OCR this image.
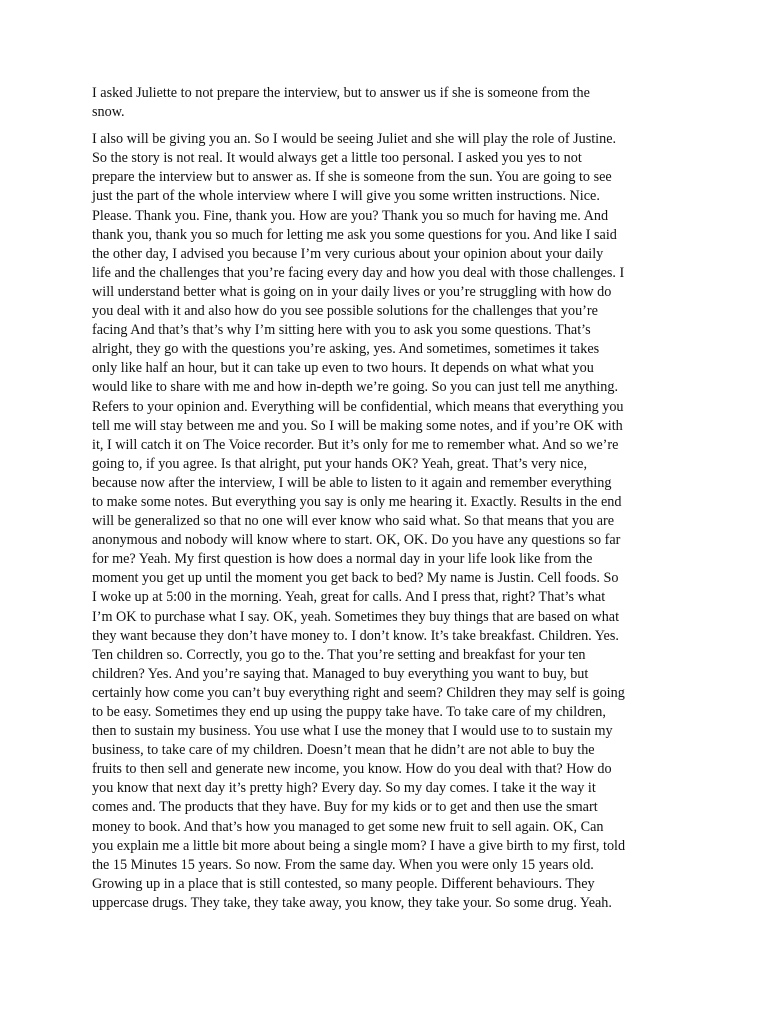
I asked Juliette to not prepare the interview, but to answer us if she is someone from the
snow.

I also will be giving you an. So I would be seeing Juliet and she will play the role of Justine.
So the story is not real. It would always get a little too personal. I asked you yes to not
prepare the interview but to answer as. If she is someone from the sun. You are going to see
just the part of the whole interview where I will give you some written instructions. Nice.
Please. Thank you. Fine, thank you. How are you? Thank you so much for having me. And
thank you, thank you so much for letting me ask you some questions for you. And like I said
the other day, I advised you because I’m very curious about your opinion about your daily
life and the challenges that you’re facing every day and how you deal with those challenges. I
will understand better what is going on in your daily lives or you’re struggling with how do
you deal with it and also how do you see possible solutions for the challenges that you’re
facing And that’s that’s why I’m sitting here with you to ask you some questions. That’s
alright, they go with the questions you’re asking, yes. And sometimes, sometimes it takes
only like half an hour, but it can take up even to two hours. It depends on what what you
would like to share with me and how in-depth we’re going. So you can just tell me anything.
Refers to your opinion and. Everything will be confidential, which means that everything you
tell me will stay between me and you. So I will be making some notes, and if you’re OK with
it, I will catch it on The Voice recorder. But it’s only for me to remember what. And so we’re
going to, if you agree. Is that alright, put your hands OK? Yeah, great. That’s very nice,
because now after the interview, I will be able to listen to it again and remember everything
to make some notes. But everything you say is only me hearing it. Exactly. Results in the end
will be generalized so that no one will ever know who said what. So that means that you are
anonymous and nobody will know where to start. OK, OK. Do you have any questions so far
for me? Yeah. My first question is how does a normal day in your life look like from the
moment you get up until the moment you get back to bed? My name is Justin. Cell foods. So
I woke up at 5:00 in the morning. Yeah, great for calls. And I press that, right? That’s what
I’m OK to purchase what I say. OK, yeah. Sometimes they buy things that are based on what
they want because they don’t have money to. I don’t know. It’s take breakfast. Children. Yes.
Ten children so. Correctly, you go to the. That you’re setting and breakfast for your ten
children? Yes. And you’re saying that. Managed to buy everything you want to buy, but
certainly how come you can’t buy everything right and seem? Children they may self is going
to be easy. Sometimes they end up using the puppy take have. To take care of my children,
then to sustain my business. You use what I use the money that I would use to to sustain my
business, to take care of my children. Doesn’t mean that he didn’t are not able to buy the
fruits to then sell and generate new income, you know. How do you deal with that? How do
you know that next day it’s pretty high? Every day. So my day comes. I take it the way it
comes and. The products that they have. Buy for my kids or to get and then use the smart
money to book. And that’s how you managed to get some new fruit to sell again. OK, Can
you explain me a little bit more about being a single mom? I have a give birth to my first, told
the 15 Minutes 15 years. So now. From the same day. When you were only 15 years old.
Growing up in a place that is still contested, so many people. Different behaviours. They
uppercase drugs. They take, they take away, you know, they take your. So some drug. Yeah.
